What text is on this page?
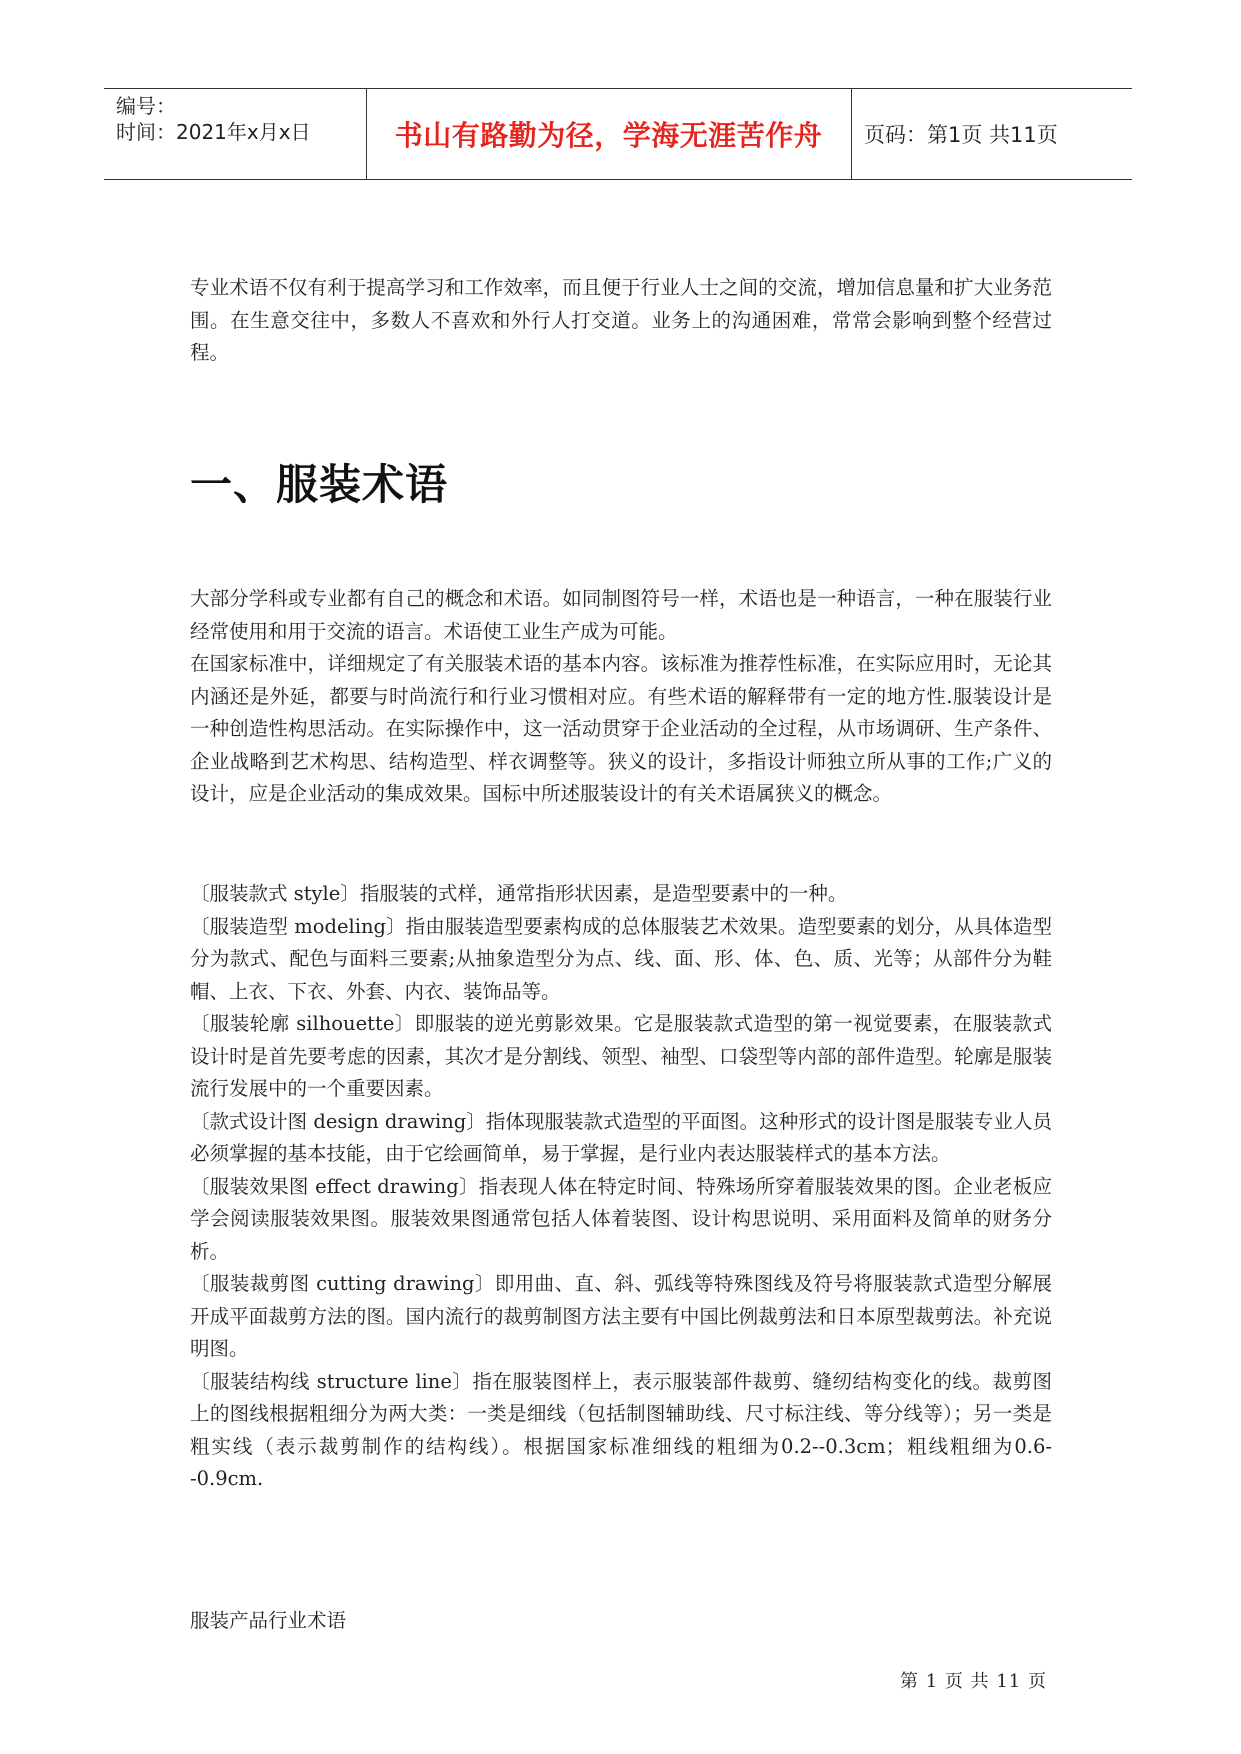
编号：
时间：2021年x月x日	书山有路勤为径，学海无涯苦作舟	页码：第1页 共11页

专业术语不仅有利于提高学习和工作效率，而且便于行业人士之间的交流，增加信息量和扩大业务范围。在生意交往中，多数人不喜欢和外行人打交道。业务上的沟通困难，常常会影响到整个经营过程。

一、服装术语

大部分学科或专业都有自己的概念和术语。如同制图符号一样，术语也是一种语言，一种在服装行业经常使用和用于交流的语言。术语使工业生产成为可能。

在国家标准中，详细规定了有关服装术语的基本内容。该标准为推荐性标准，在实际应用时，无论其内涵还是外延，都要与时尚流行和行业习惯相对应。有些术语的解释带有一定的地方性.服装设计是一种创造性构思活动。在实际操作中，这一活动贯穿于企业活动的全过程，从市场调研、生产条件、企业战略到艺术构思、结构造型、样衣调整等。狭义的设计，多指设计师独立所从事的工作;广义的设计，应是企业活动的集成效果。国标中所述服装设计的有关术语属狭义的概念。

〔服装款式 style〕指服装的式样，通常指形状因素，是造型要素中的一种。

〔服装造型 modeling〕指由服装造型要素构成的总体服装艺术效果。造型要素的划分，从具体造型分为款式、配色与面料三要素;从抽象造型分为点、线、面、形、体、色、质、光等；从部件分为鞋帽、上衣、下衣、外套、内衣、装饰品等。

〔服装轮廓 silhouette〕即服装的逆光剪影效果。它是服装款式造型的第一视觉要素，在服装款式设计时是首先要考虑的因素，其次才是分割线、领型、袖型、口袋型等内部的部件造型。轮廓是服装流行发展中的一个重要因素。

〔款式设计图 design drawing〕指体现服装款式造型的平面图。这种形式的设计图是服装专业人员必须掌握的基本技能，由于它绘画简单，易于掌握，是行业内表达服装样式的基本方法。

〔服装效果图 effect drawing〕指表现人体在特定时间、特殊场所穿着服装效果的图。企业老板应学会阅读服装效果图。服装效果图通常包括人体着装图、设计构思说明、采用面料及简单的财务分析。

〔服装裁剪图 cutting drawing〕即用曲、直、斜、弧线等特殊图线及符号将服装款式造型分解展开成平面裁剪方法的图。国内流行的裁剪制图方法主要有中国比例裁剪法和日本原型裁剪法。补充说明图。

〔服装结构线 structure line〕指在服装图样上，表示服装部件裁剪、缝纫结构变化的线。裁剪图上的图线根据粗细分为两大类：一类是细线（包括制图辅助线、尺寸标注线、等分线等）；另一类是粗实线（表示裁剪制作的结构线）。根据国家标准细线的粗细为0.2--0.3cm；粗线粗细为0.6--0.9cm.

服装产品行业术语
第 1 页 共 11 页
